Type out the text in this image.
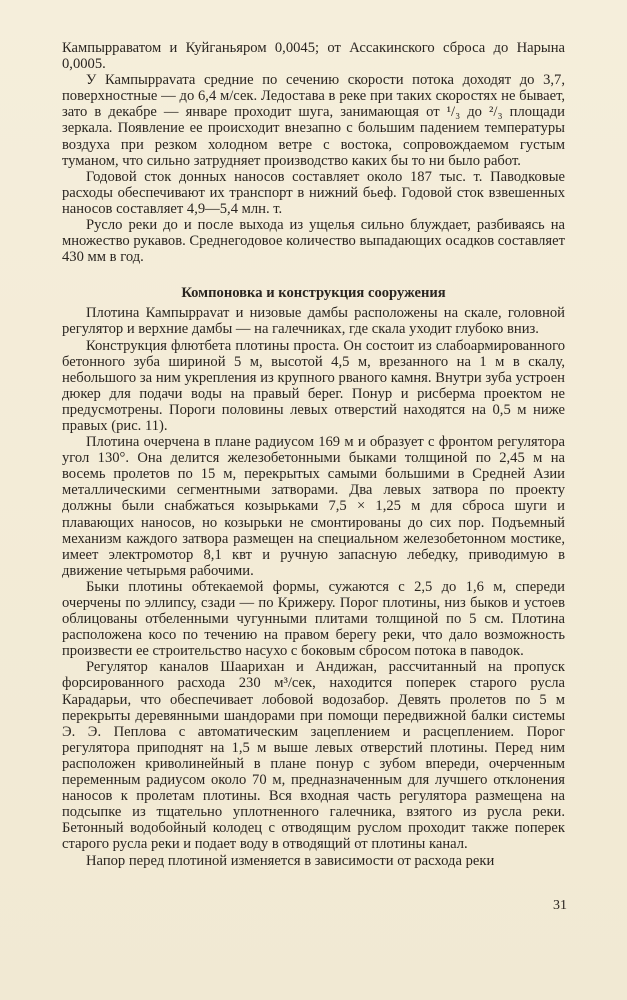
Кампырраватом и Куйганьяром 0,0045; от Ассакинского сброса до Нарына 0,0005.

У Кампыррavата средние по сечению скорости потока доходят до 3,7, поверхностные — до 6,4 м/сек. Ледостава в реке при таких скоростях не бывает, зато в декабре — январе проходит шуга, занимающая от ¹/₃ до ²/₃ площади зеркала. Появление ее происходит внезапно с большим падением температуры воздуха при резком холодном ветре с востока, сопровождаемом густым туманом, что сильно затрудняет производство каких бы то ни было работ.

Годовой сток донных наносов составляет около 187 тыс. т. Паводковые расходы обеспечивают их транспорт в нижний бьеф. Годовой сток взвешенных наносов составляет 4,9—5,4 млн. т.

Русло реки до и после выхода из ущелья сильно блуждает, разбиваясь на множество рукавов. Среднегодовое количество выпадающих осадков составляет 430 мм в год.

Компоновка и конструкция сооружения

Плотина Кампыррavат и низовые дамбы расположены на скале, головной регулятор и верхние дамбы — на галечниках, где скала уходит глубоко вниз.

Конструкция флютбета плотины проста. Он состоит из слабоармированного бетонного зуба шириной 5 м, высотой 4,5 м, врезанного на 1 м в скалу, небольшого за ним укрепления из крупного рваного камня. Внутри зуба устроен дюкер для подачи воды на правый берег. Понур и рисберма проектом не предусмотрены. Пороги половины левых отверстий находятся на 0,5 м ниже правых (рис. 11).

Плотина очерчена в плане радиусом 169 м и образует с фронтом регулятора угол 130°. Она делится железобетонными быками толщиной по 2,45 м на восемь пролетов по 15 м, перекрытых самыми большими в Средней Азии металлическими сегментными затворами. Два левых затвора по проекту должны были снабжаться козырьками 7,5 × 1,25 м для сброса шуги и плавающих наносов, но козырьки не смонтированы до сих пор. Подъемный механизм каждого затвора размещен на специальном железобетонном мостике, имеет электромотор 8,1 квт и ручную запасную лебедку, приводимую в движение четырьмя рабочими.

Быки плотины обтекаемой формы, сужаются с 2,5 до 1,6 м, спереди очерчены по эллипсу, сзади — по Крижеру. Порог плотины, низ быков и устоев облицованы отбеленными чугунными плитами толщиной по 5 см. Плотина расположена косо по течению на правом берегу реки, что дало возможность произвести ее строительство насухо с боковым сбросом потока в паводок.

Регулятор каналов Шаарихан и Андижан, рассчитанный на пропуск форсированного расхода 230 м³/сек, находится поперек старого русла Карадарьи, что обеспечивает лобовой водозабор. Девять пролетов по 5 м перекрыты деревянными шандорами при помощи передвижной балки системы Э. Э. Пеплова с автоматическим зацеплением и расцеплением. Порог регулятора приподнят на 1,5 м выше левых отверстий плотины. Перед ним расположен криволинейный в плане понур с зубом впереди, очерченным переменным радиусом около 70 м, предназначенным для лучшего отклонения наносов к пролетам плотины. Вся входная часть регулятора размещена на подсыпке из тщательно уплотненного галечника, взятого из русла реки. Бетонный водобойный колодец с отводящим руслом проходит также поперек старого русла реки и подает воду в отводящий от плотины канал.

Напор перед плотиной изменяется в зависимости от расхода реки

31
